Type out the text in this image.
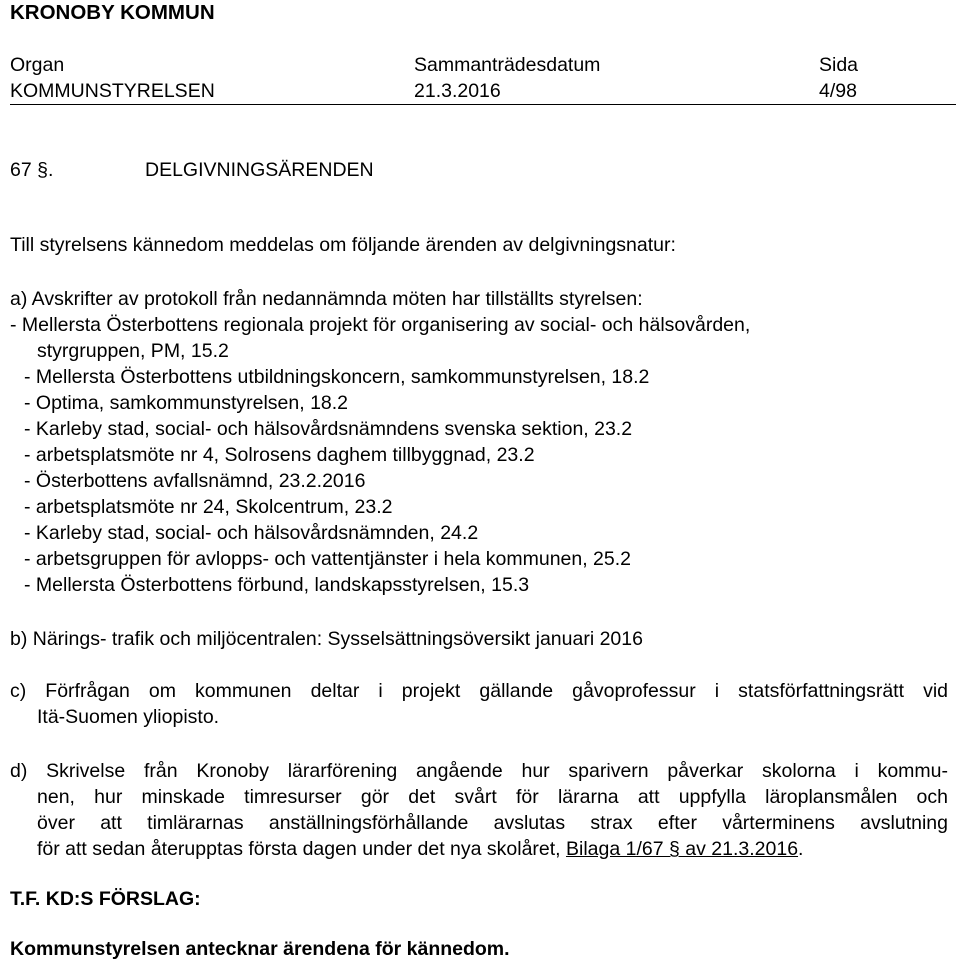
KRONOBY KOMMUN
Organ
KOMMUNSTYRELSEN
Sammanträdesdatum
21.3.2016
Sida
4/98
67 §.	DELGIVNINGSÄRENDEN
Till styrelsens kännedom meddelas om följande ärenden av delgivningsnatur:
a) Avskrifter av protokoll från nedannämnda möten har tillställts styrelsen:
- Mellersta Österbottens regionala projekt för organisering av social- och hälsovården,
styrgruppen, PM, 15.2
- Mellersta Österbottens utbildningskoncern, samkommunstyrelsen, 18.2
- Optima, samkommunstyrelsen, 18.2
- Karleby stad, social- och hälsovårdsnämndens svenska sektion, 23.2
- arbetsplatsmöte nr 4, Solrosens daghem tillbyggnad, 23.2
- Österbottens avfallsnämnd, 23.2.2016
- arbetsplatsmöte nr 24, Skolcentrum, 23.2
- Karleby stad, social- och hälsovårdsnämnden, 24.2
- arbetsgruppen för avlopps- och vattentjänster i hela kommunen, 25.2
- Mellersta Österbottens förbund, landskapsstyrelsen, 15.3
b) Närings- trafik och miljöcentralen: Sysselsättningsöversikt januari 2016
c) Förfrågan om kommunen deltar i projekt gällande gåvoprofessur i statsförfattningsrätt vid
Itä-Suomen yliopisto.
d) Skrivelse från Kronoby lärarförening angående hur sparivern påverkar skolorna i kommu-
nen, hur minskade timresurser gör det svårt för lärarna att uppfylla läroplansmålen och
över att timlärarnas anställningsförhållande avslutas strax efter vårterminens avslutning
för att sedan återupptas första dagen under det nya skolåret, Bilaga 1/67 § av 21.3.2016.
T.F. KD:S FÖRSLAG:
Kommunstyrelsen antecknar ärendena för kännedom.
